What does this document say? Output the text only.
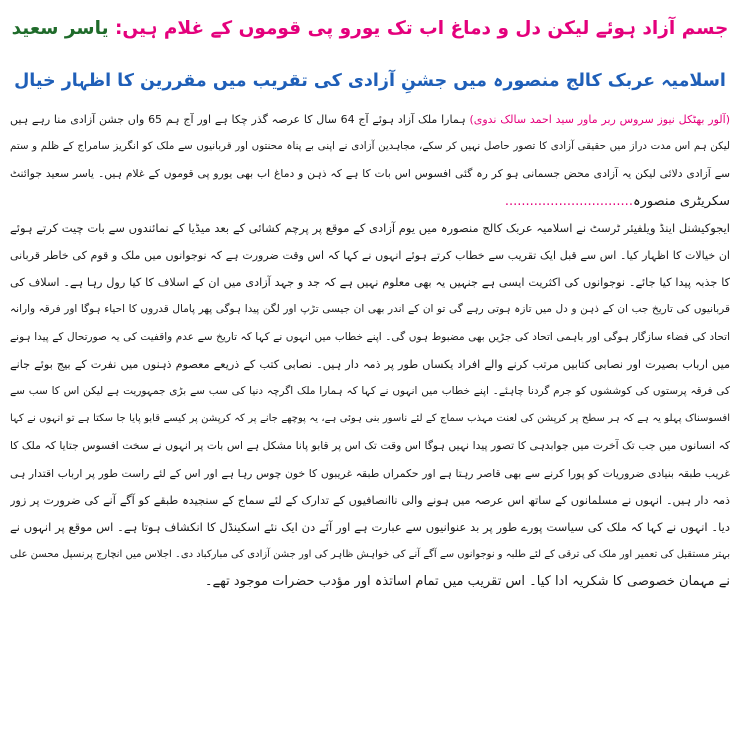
جسم آزاد ہوئے لیکن دل و دماغ اب تک یورو پی قوموں کے غلام ہیں: یاسر سعید
اسلامیہ عربک کالج منصورہ میں جشنِ آزادی کی تقریب میں مقررین کا اظہار خیال
(آلور بھٹکل نیوز سروس ربر ماور سید احمد سالک ندوی) ہمارا ملک آزاد ہوئے آج 64 سال کا عرصہ گذر چکا ہے اور آج ہم 65 واں جشن آزادی منا رہے ہیں
لیکن ہم اس مدت دراز میں حقیقی آزادی کا تصور حاصل نہیں کر سکے، مجاہدین آزادی نے اپنی بے پناہ محنتوں اور قربانیوں سے ملک کو انگریز سامراج کے ظلم و ستم
سے آزادی دلائی لیکن یہ آزادی محض جسمانی ہو کر رہ گئی افسوس اس بات کا ہے کہ ذہن و دماغ اب بھی یورو پی قوموں کے غلام ہیں۔ یاسر سعید جوائنٹ
سکریٹری منصورہ...............................
ایجوکیشنل اینڈ ویلفیئر ٹرسٹ نے اسلامیہ عربک کالج منصورہ میں یوم آزادی کے موقع پر پرچم کشائی کے بعد میڈیا کے نمائندوں سے بات چیت کرتے ہوئے
ان خیالات کا اظہار کیا۔ اس سے قبل ایک تقریب سے خطاب کرتے ہوئے انہوں نے کہا کہ اس وقت ضرورت ہے کہ نوجوانوں میں ملک و قوم کی خاطر قربانی
کا جذبہ پیدا کیا جائے۔ نوجوانوں کی اکثریت ایسی ہے جنہیں یہ بھی معلوم نہیں ہے کہ جد و جہد آزادی میں ان کے اسلاف کا کیا رول رہا ہے۔ اسلاف کی
قربانیوں کی تاریخ جب ان کے ذہن و دل میں تازہ ہوتی رہے گی تو ان کے اندر بھی ان جیسی تڑپ اور لگن پیدا ہوگی پھر پامال قدروں کا احیاء ہوگا اور فرقہ وارانہ
اتحاد کی فضاء سازگار ہوگی اور باہمی اتحاد کی جڑیں بھی مضبوط ہوں گی۔ اپنے خطاب میں انہوں نے کہا کہ تاریخ سے عدم واقفیت کی یہ صورتحال کے پیدا ہونے
میں ارباب بصیرت اور نصابی کتابیں مرتب کرنے والے افراد یکساں طور پر ذمہ دار ہیں۔ نصابی کتب کے ذریعے معصوم ذہنوں میں نفرت کے بیج بوئے جانے
کی فرقہ پرستوں کی کوششوں کو جرم گردنا چاہئے۔ اپنے خطاب میں انہوں نے کہا کہ ہمارا ملک اگرچہ دنیا کی سب سے بڑی جمہوریت ہے لیکن اس کا سب سے
افسوسناک پہلو یہ ہے کہ ہر سطح پر کرپشن کی لعنت مہذب سماج کے لئے ناسور بنی ہوئی ہے، یہ پوچھے جانے پر کہ کرپشن پر کیسے قابو پایا جا سکتا ہے تو انہوں نے کہا
کہ انسانوں میں جب تک آخرت میں جوابدہی کا تصور پیدا نہیں ہوگا اس وقت تک اس پر قابو پانا مشکل ہے اس بات پر انہوں نے سخت افسوس جتایا کہ ملک کا
غریب طبقہ بنیادی ضروریات کو پورا کرنے سے بھی قاصر رہتا ہے اور حکمراں طبقہ غریبوں کا خون چوس رہا ہے اور اس کے لئے راست طور پر ارباب اقتدار ہی
ذمہ دار ہیں۔ انہوں نے مسلمانوں کے ساتھ اس عرصہ میں ہونے والی ناانصافیوں کے تدارک کے لئے سماج کے سنجیدہ طبقے کو آگے آنے کی ضرورت پر زور
دیا۔ انہوں نے کہا کہ ملک کی سیاست پورے طور پر بد عنوانیوں سے عبارت ہے اور آئے دن ایک نئے اسکینڈل کا انکشاف ہوتا ہے۔ اس موقع پر انہوں نے
بہتر مستقبل کی تعمیر اور ملک کی ترقی کے لئے طلبہ و نوجوانوں سے آگے آنے کی خواہش ظاہر کی اور جشن آزادی کی مبارکباد دی۔ اجلاس میں انچارج پرنسپل محسن علی
نے مہمان خصوصی کا شکریہ ادا کیا۔ اس تقریب میں تمام اساتذہ اور مؤدب حضرات موجود تھے۔
